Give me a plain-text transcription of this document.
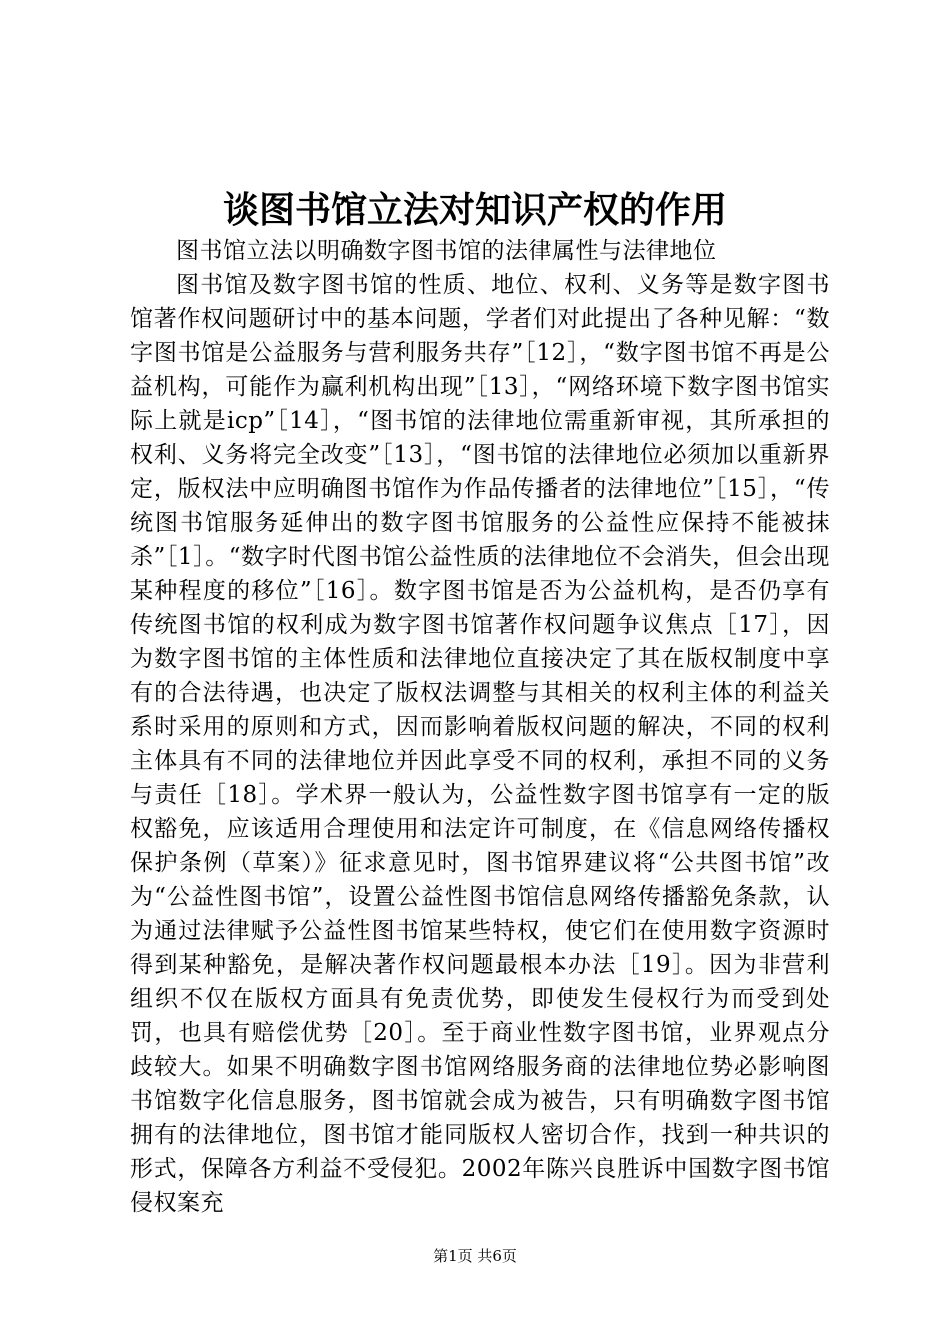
谈图书馆立法对知识产权的作用

图书馆立法以明确数字图书馆的法律属性与法律地位

图书馆及数字图书馆的性质、地位、权利、义务等是数字图书馆著作权问题研讨中的基本问题，学者们对此提出了各种见解：“数字图书馆是公益服务与营利服务共存”［12］，“数字图书馆不再是公益机构，可能作为赢利机构出现”［13］，“网络环境下数字图书馆实际上就是icp”［14］，“图书馆的法律地位需重新审视，其所承担的权利、义务将完全改变”［13］，“图书馆的法律地位必须加以重新界定，版权法中应明确图书馆作为作品传播者的法律地位”［15］，“传统图书馆服务延伸出的数字图书馆服务的公益性应保持不能被抹杀”［1］。“数字时代图书馆公益性质的法律地位不会消失，但会出现某种程度的移位”［16］。数字图书馆是否为公益机构，是否仍享有传统图书馆的权利成为数字图书馆著作权问题争议焦点［17］，因为数字图书馆的主体性质和法律地位直接决定了其在版权制度中享有的合法待遇，也决定了版权法调整与其相关的权利主体的利益关系时采用的原则和方式，因而影响着版权问题的解决，不同的权利主体具有不同的法律地位并因此享受不同的权利，承担不同的义务与责任［18］。学术界一般认为，公益性数字图书馆享有一定的版权豁免，应该适用合理使用和法定许可制度，在《信息网络传播权保护条例（草案）》征求意见时，图书馆界建议将“公共图书馆”改为“公益性图书馆”，设置公益性图书馆信息网络传播豁免条款，认为通过法律赋予公益性图书馆某些特权，使它们在使用数字资源时得到某种豁免，是解决著作权问题最根本办法［19］。因为非营利组织不仅在版权方面具有免责优势，即使发生侵权行为而受到处罚，也具有赔偿优势［20］。至于商业性数字图书馆，业界观点分歧较大。如果不明确数字图书馆网络服务商的法律地位势必影响图书馆数字化信息服务，图书馆就会成为被告，只有明确数字图书馆拥有的法律地位，图书馆才能同版权人密切合作，找到一种共识的形式，保障各方利益不受侵犯。2002年陈兴良胜诉中国数字图书馆侵权案充

第1页 共6页
